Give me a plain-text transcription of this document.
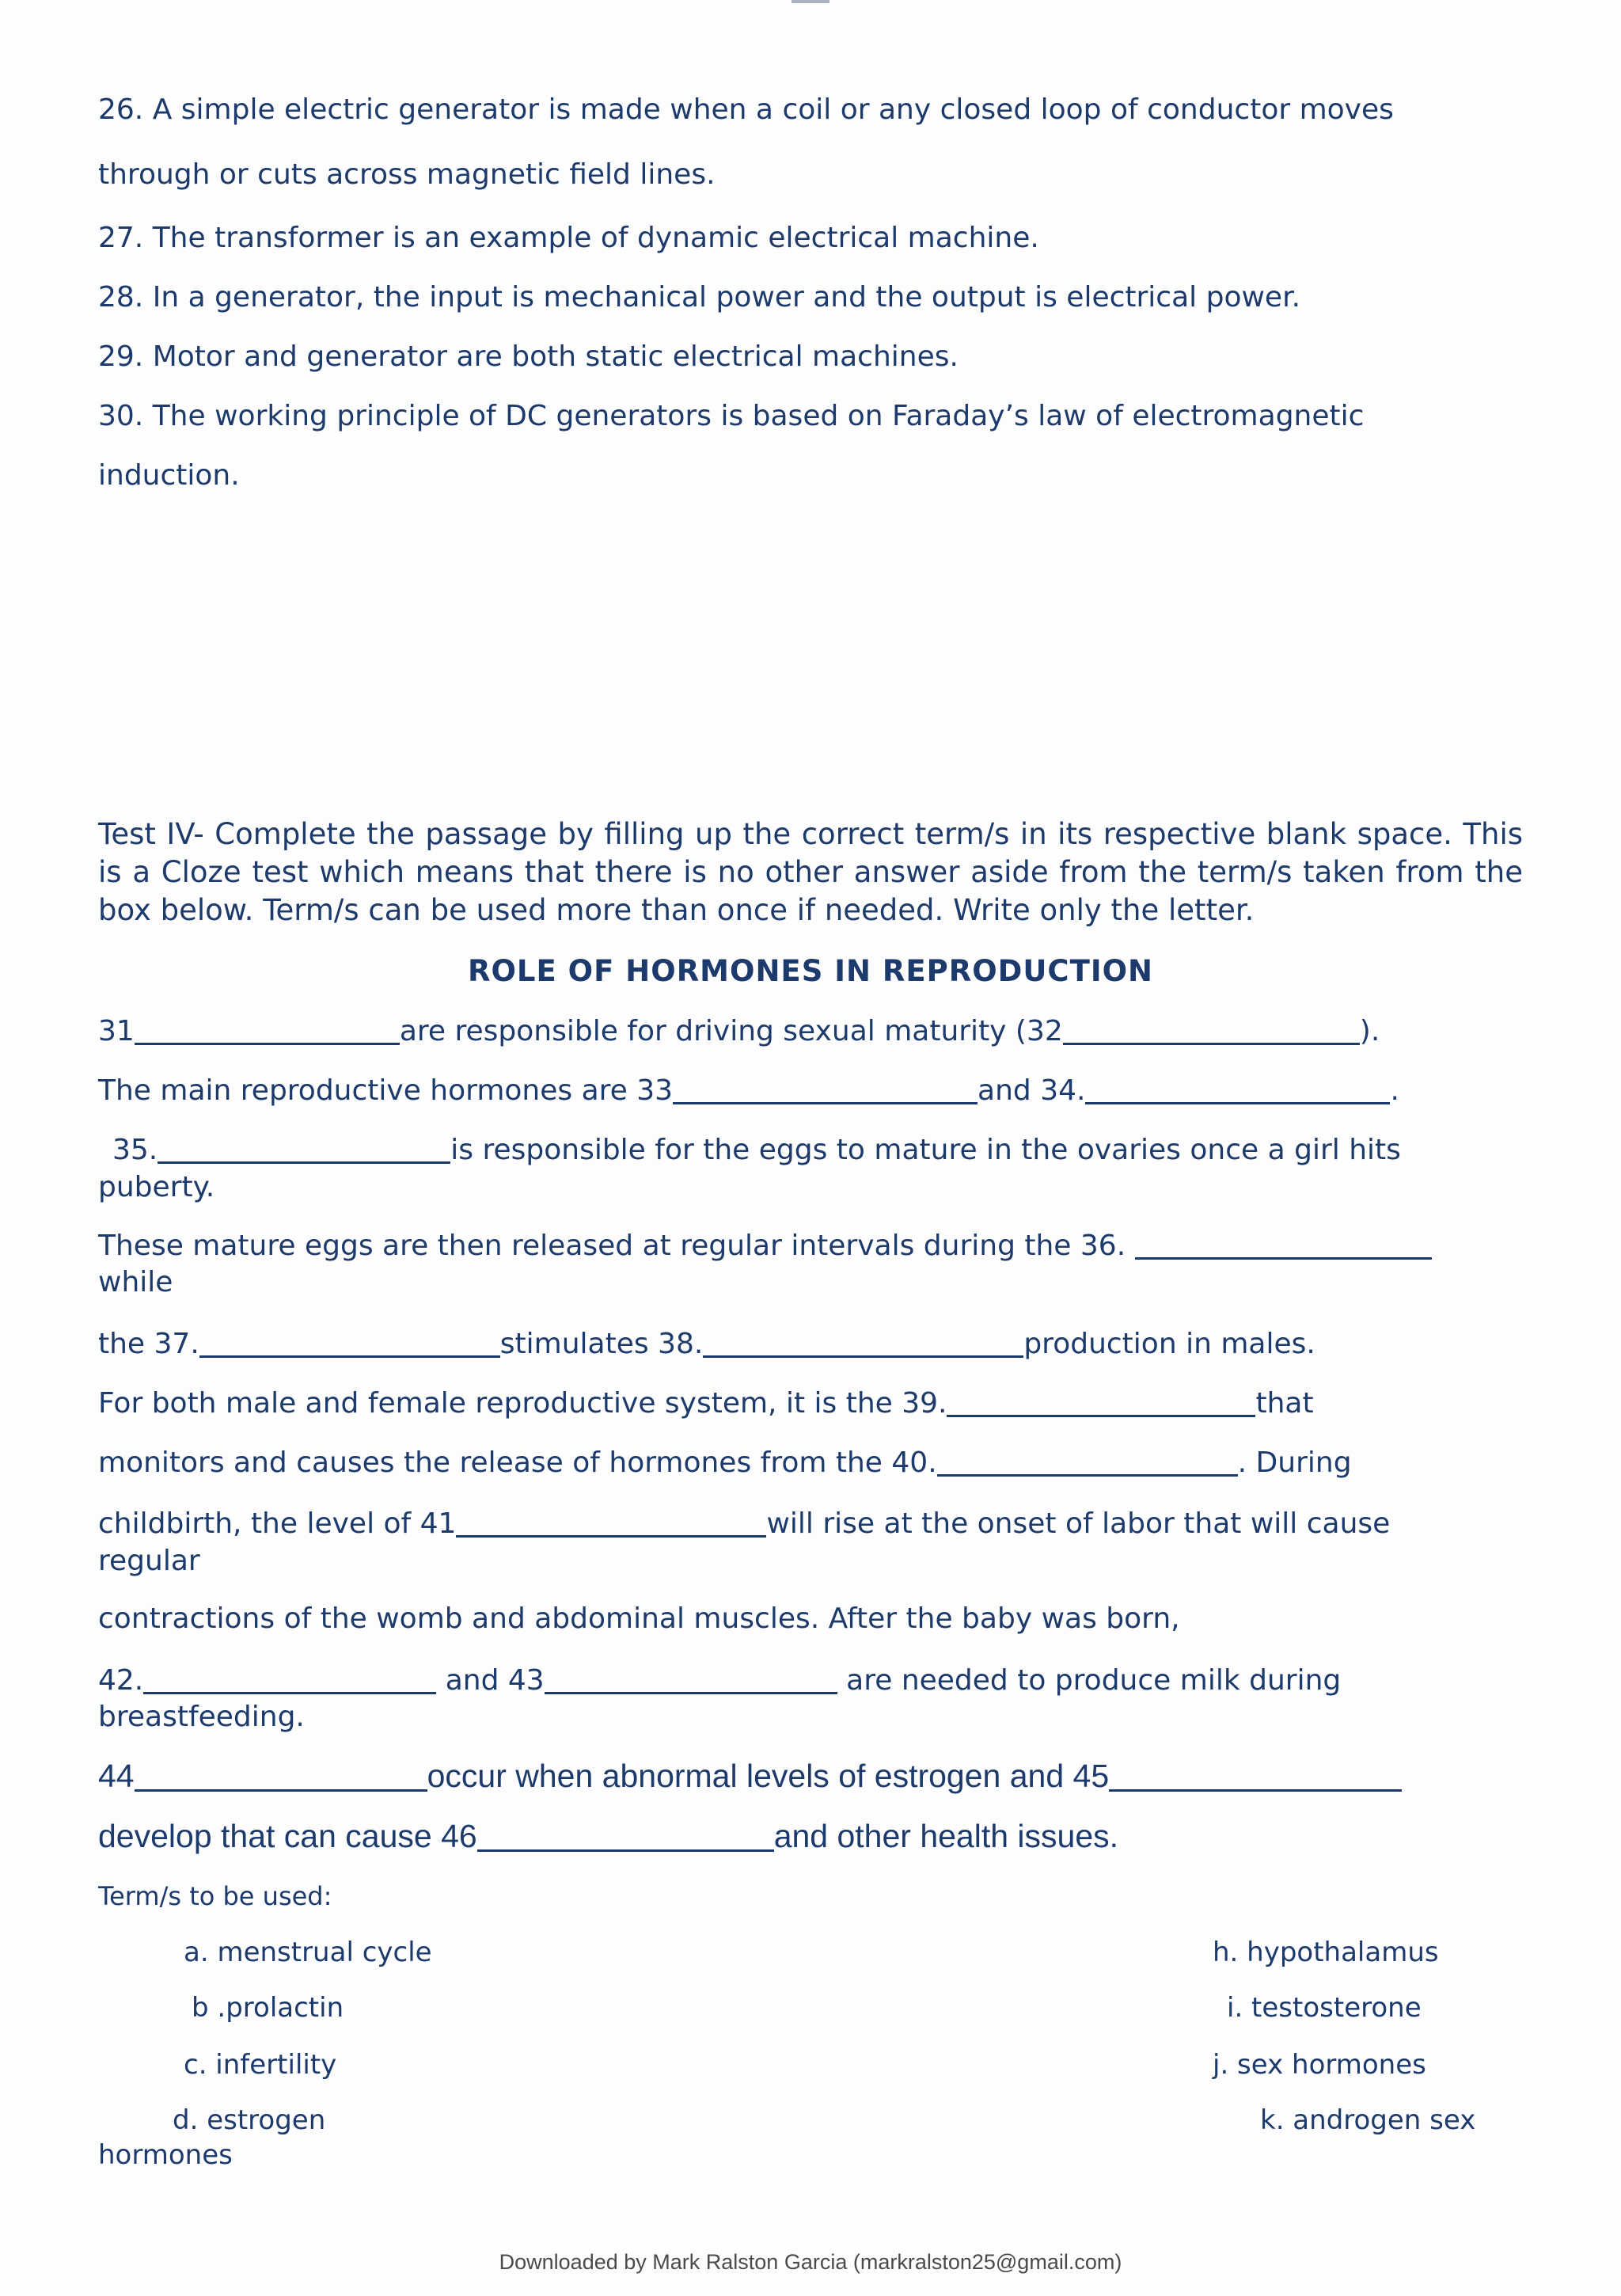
26. A simple electric generator is made when a coil or any closed loop of conductor moves
through or cuts across magnetic ﬁeld lines.
27. The transformer is an example of dynamic electrical machine.
28. In a generator, the input is mechanical power and the output is electrical power.
29. Motor and generator are both static electrical machines.
30. The working principle of DC generators is based on Faraday’s law of electromagnetic
induction.
Test IV- Complete the passage by ﬁlling up the correct term/s in its respective blank space. This is a Cloze test which means that there is no other answer aside from the term/s taken from the box below. Term/s can be used more than once if needed. Write only the letter.
ROLE OF HORMONES IN REPRODUCTION
31	are responsible for driving sexual maturity (32	).
The main reproductive hormones are 33	and 34.	.
35.	is responsible for the eggs to mature in the ovaries once a girl hits
puberty.
These mature eggs are then released at regular intervals during the 36.
while
the 37.	stimulates 38.	production in males.
For both male and female reproductive system, it is the 39.	that
monitors and causes the release of hormones from the 40.	. During
childbirth, the level of 41	will rise at the onset of labor that will cause
regular
contractions of the womb and abdominal muscles. After the baby was born,
42.	and 43	are needed to produce milk during
breastfeeding.
44	occur when abnormal levels of estrogen and 45
develop that can cause 46	and other health issues.
Term/s to be used:
a. menstrual cycle
b .prolactin
c. infertility
d. estrogen
hormones
h. hypothalamus
i. testosterone
j. sex hormones
k. androgen sex
Downloaded by Mark Ralston Garcia (markralston25@gmail.com)
